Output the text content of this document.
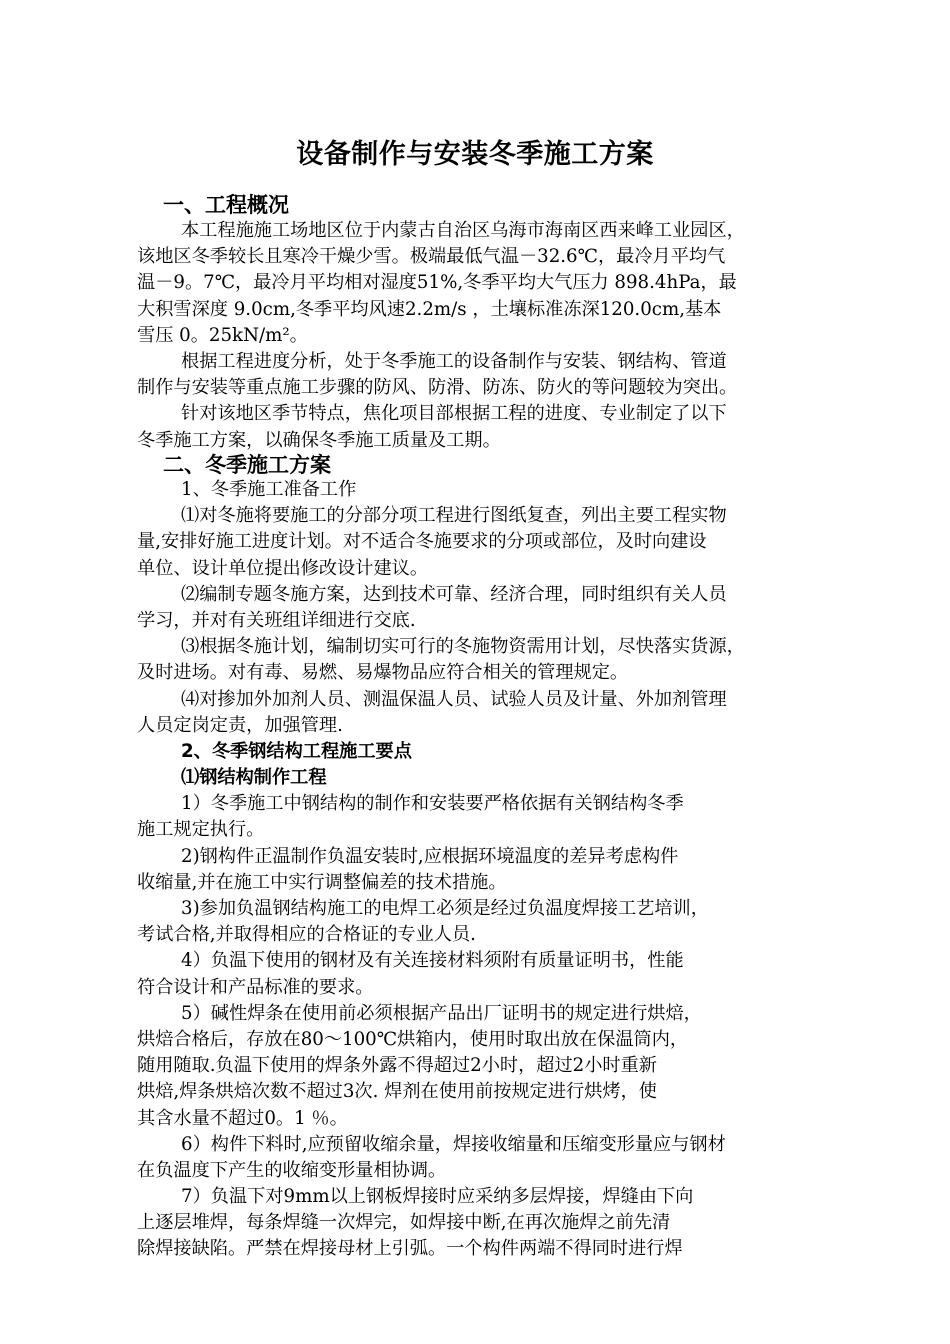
设备制作与安装冬季施工方案
一、工程概况
本工程施施工场地区位于内蒙古自治区乌海市海南区西来峰工业园区，
该地区冬季较长且寒冷干燥少雪。极端最低气温－32.6℃，最冷月平均气
温－9。7℃，最冷月平均相对湿度51%,冬季平均大气压力 898.4hPa，最
大积雪深度 9.0cm,冬季平均风速2.2m/s ，土壤标准冻深120.0cm,基本
雪压 0。25kN/m²。
根据工程进度分析，处于冬季施工的设备制作与安装、钢结构、管道
制作与安装等重点施工步骤的防风、防滑、防冻、防火的等问题较为突出。
针对该地区季节特点，焦化项目部根据工程的进度、专业制定了以下
冬季施工方案，以确保冬季施工质量及工期。
二、冬季施工方案
1、冬季施工准备工作
⑴对冬施将要施工的分部分项工程进行图纸复查，列出主要工程实物
量,安排好施工进度计划。对不适合冬施要求的分项或部位，及时向建设
单位、设计单位提出修改设计建议。
⑵编制专题冬施方案，达到技术可靠、经济合理，同时组织有关人员
学习，并对有关班组详细进行交底.
⑶根据冬施计划，编制切实可行的冬施物资需用计划，尽快落实货源，
及时进场。对有毒、易燃、易爆物品应符合相关的管理规定。
⑷对掺加外加剂人员、测温保温人员、试验人员及计量、外加剂管理
人员定岗定责，加强管理.
2、冬季钢结构工程施工要点
⑴钢结构制作工程
1）冬季施工中钢结构的制作和安装要严格依据有关钢结构冬季
施工规定执行。
2)钢构件正温制作负温安装时,应根据环境温度的差异考虑构件
收缩量,并在施工中实行调整偏差的技术措施。
3)参加负温钢结构施工的电焊工必须是经过负温度焊接工艺培训，
考试合格,并取得相应的合格证的专业人员.
4）负温下使用的钢材及有关连接材料须附有质量证明书，性能
符合设计和产品标准的要求。
5）碱性焊条在使用前必须根据产品出厂证明书的规定进行烘焙，
烘焙合格后，存放在80～100℃烘箱内，使用时取出放在保温筒内，
随用随取.负温下使用的焊条外露不得超过2小时，超过2小时重新
烘焙,焊条烘焙次数不超过3次. 焊剂在使用前按规定进行烘烤，使
其含水量不超过0。1 ％。
6）构件下料时,应预留收缩余量，焊接收缩量和压缩变形量应与钢材
在负温度下产生的收缩变形量相协调。
7）负温下对9mm以上钢板焊接时应采纳多层焊接，焊缝由下向
上逐层堆焊，每条焊缝一次焊完，如焊接中断,在再次施焊之前先清
除焊接缺陷。严禁在焊接母材上引弧。一个构件两端不得同时进行焊
